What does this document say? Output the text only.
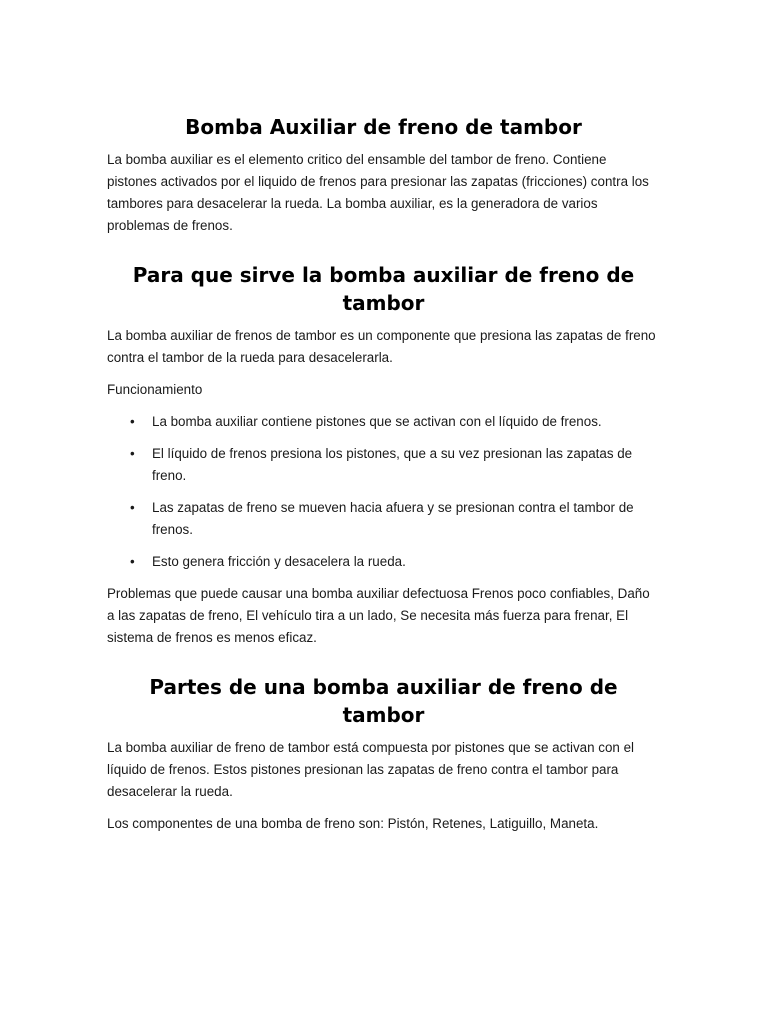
Bomba Auxiliar de freno de tambor

La bomba auxiliar es el elemento critico del ensamble del tambor de freno. Contiene pistones activados por el liquido de frenos para presionar las zapatas (fricciones) contra los tambores para desacelerar la rueda. La bomba auxiliar, es la generadora de varios problemas de frenos.

Para que sirve la bomba auxiliar de freno de tambor

La bomba auxiliar de frenos de tambor es un componente que presiona las zapatas de freno contra el tambor de la rueda para desacelerarla.

Funcionamiento

• La bomba auxiliar contiene pistones que se activan con el líquido de frenos.
• El líquido de frenos presiona los pistones, que a su vez presionan las zapatas de freno.
• Las zapatas de freno se mueven hacia afuera y se presionan contra el tambor de frenos.
• Esto genera fricción y desacelera la rueda.

Problemas que puede causar una bomba auxiliar defectuosa Frenos poco confiables, Daño a las zapatas de freno, El vehículo tira a un lado, Se necesita más fuerza para frenar, El sistema de frenos es menos eficaz.

Partes de una bomba auxiliar de freno de tambor

La bomba auxiliar de freno de tambor está compuesta por pistones que se activan con el líquido de frenos. Estos pistones presionan las zapatas de freno contra el tambor para desacelerar la rueda.

Los componentes de una bomba de freno son: Pistón, Retenes, Latiguillo, Maneta.
